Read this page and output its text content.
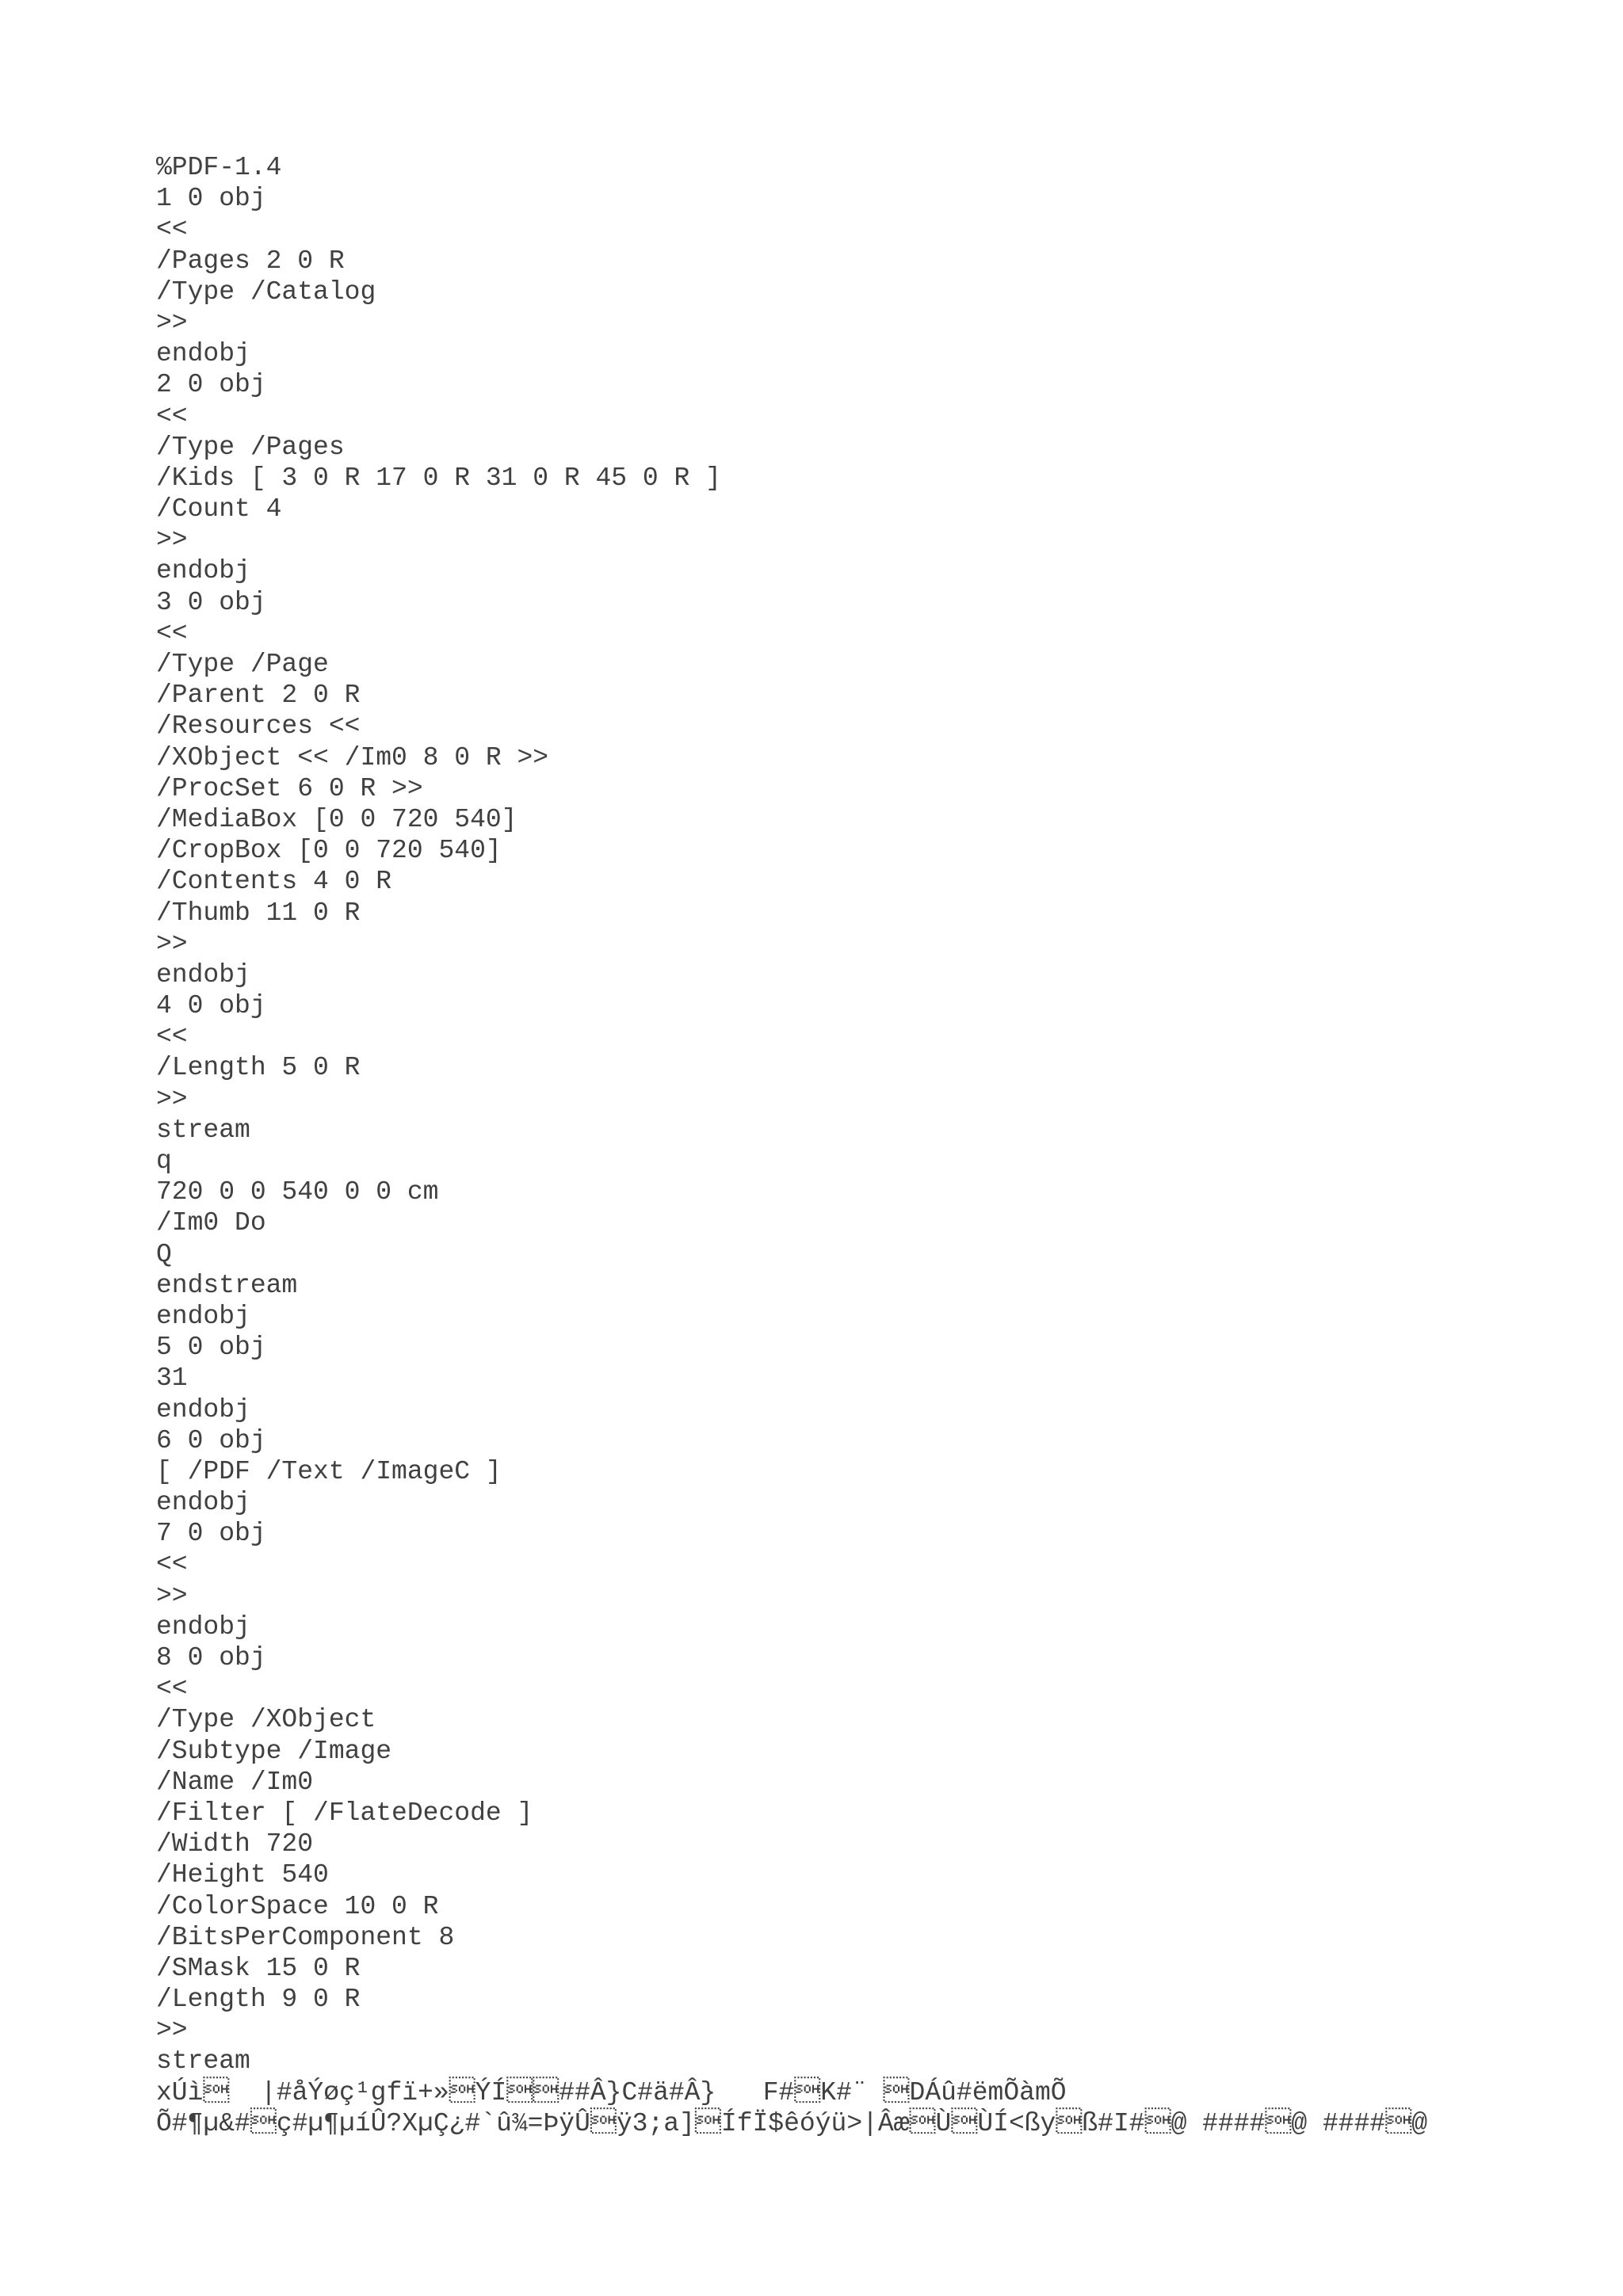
%PDF-1.4
1 0 obj
<<
/Pages 2 0 R
/Type /Catalog
>>
endobj
2 0 obj
<<
/Type /Pages
/Kids [ 3 0 R 17 0 R 31 0 R 45 0 R ]
/Count 4
>>
endobj
3 0 obj
<<
/Type /Page
/Parent 2 0 R
/Resources <<
/XObject << /Im0 8 0 R >>
/ProcSet 6 0 R >>
/MediaBox [0 0 720 540]
/CropBox [0 0 720 540]
/Contents 4 0 R
/Thumb 11 0 R
>>
endobj
4 0 obj
<<
/Length 5 0 R
>>
stream
q
720 0 0 540 0 0 cm
/Im0 Do
Q
endstream
endobj
5 0 obj
31
endobj
6 0 obj
[ /PDF /Text /ImageC ]
endobj
7 0 obj
<<
>>
endobj
8 0 obj
<<
/Type /XObject
/Subtype /Image
/Name /Im0
/Filter [ /FlateDecode ]
/Width 720
/Height 540
/ColorSpace 10 0 R
/BitsPerComponent 8
/SMask 15 0 R
/Length 9 0 R
>>
stream
xÚì  |#åÝøç¹gfï+»ÝÍ##Â}C#ä#Â}   F#K#¨ DÁû#ëmÕàmÕ
Õ#¶µ&#ç#µ¶µíÛ?XµÇ¿#`û¾=ÞÿÛÿ3;a]ÍfÏ$êóýü>|ÂæÙÙÍ<ßyß#I#@ ####@ ####@
